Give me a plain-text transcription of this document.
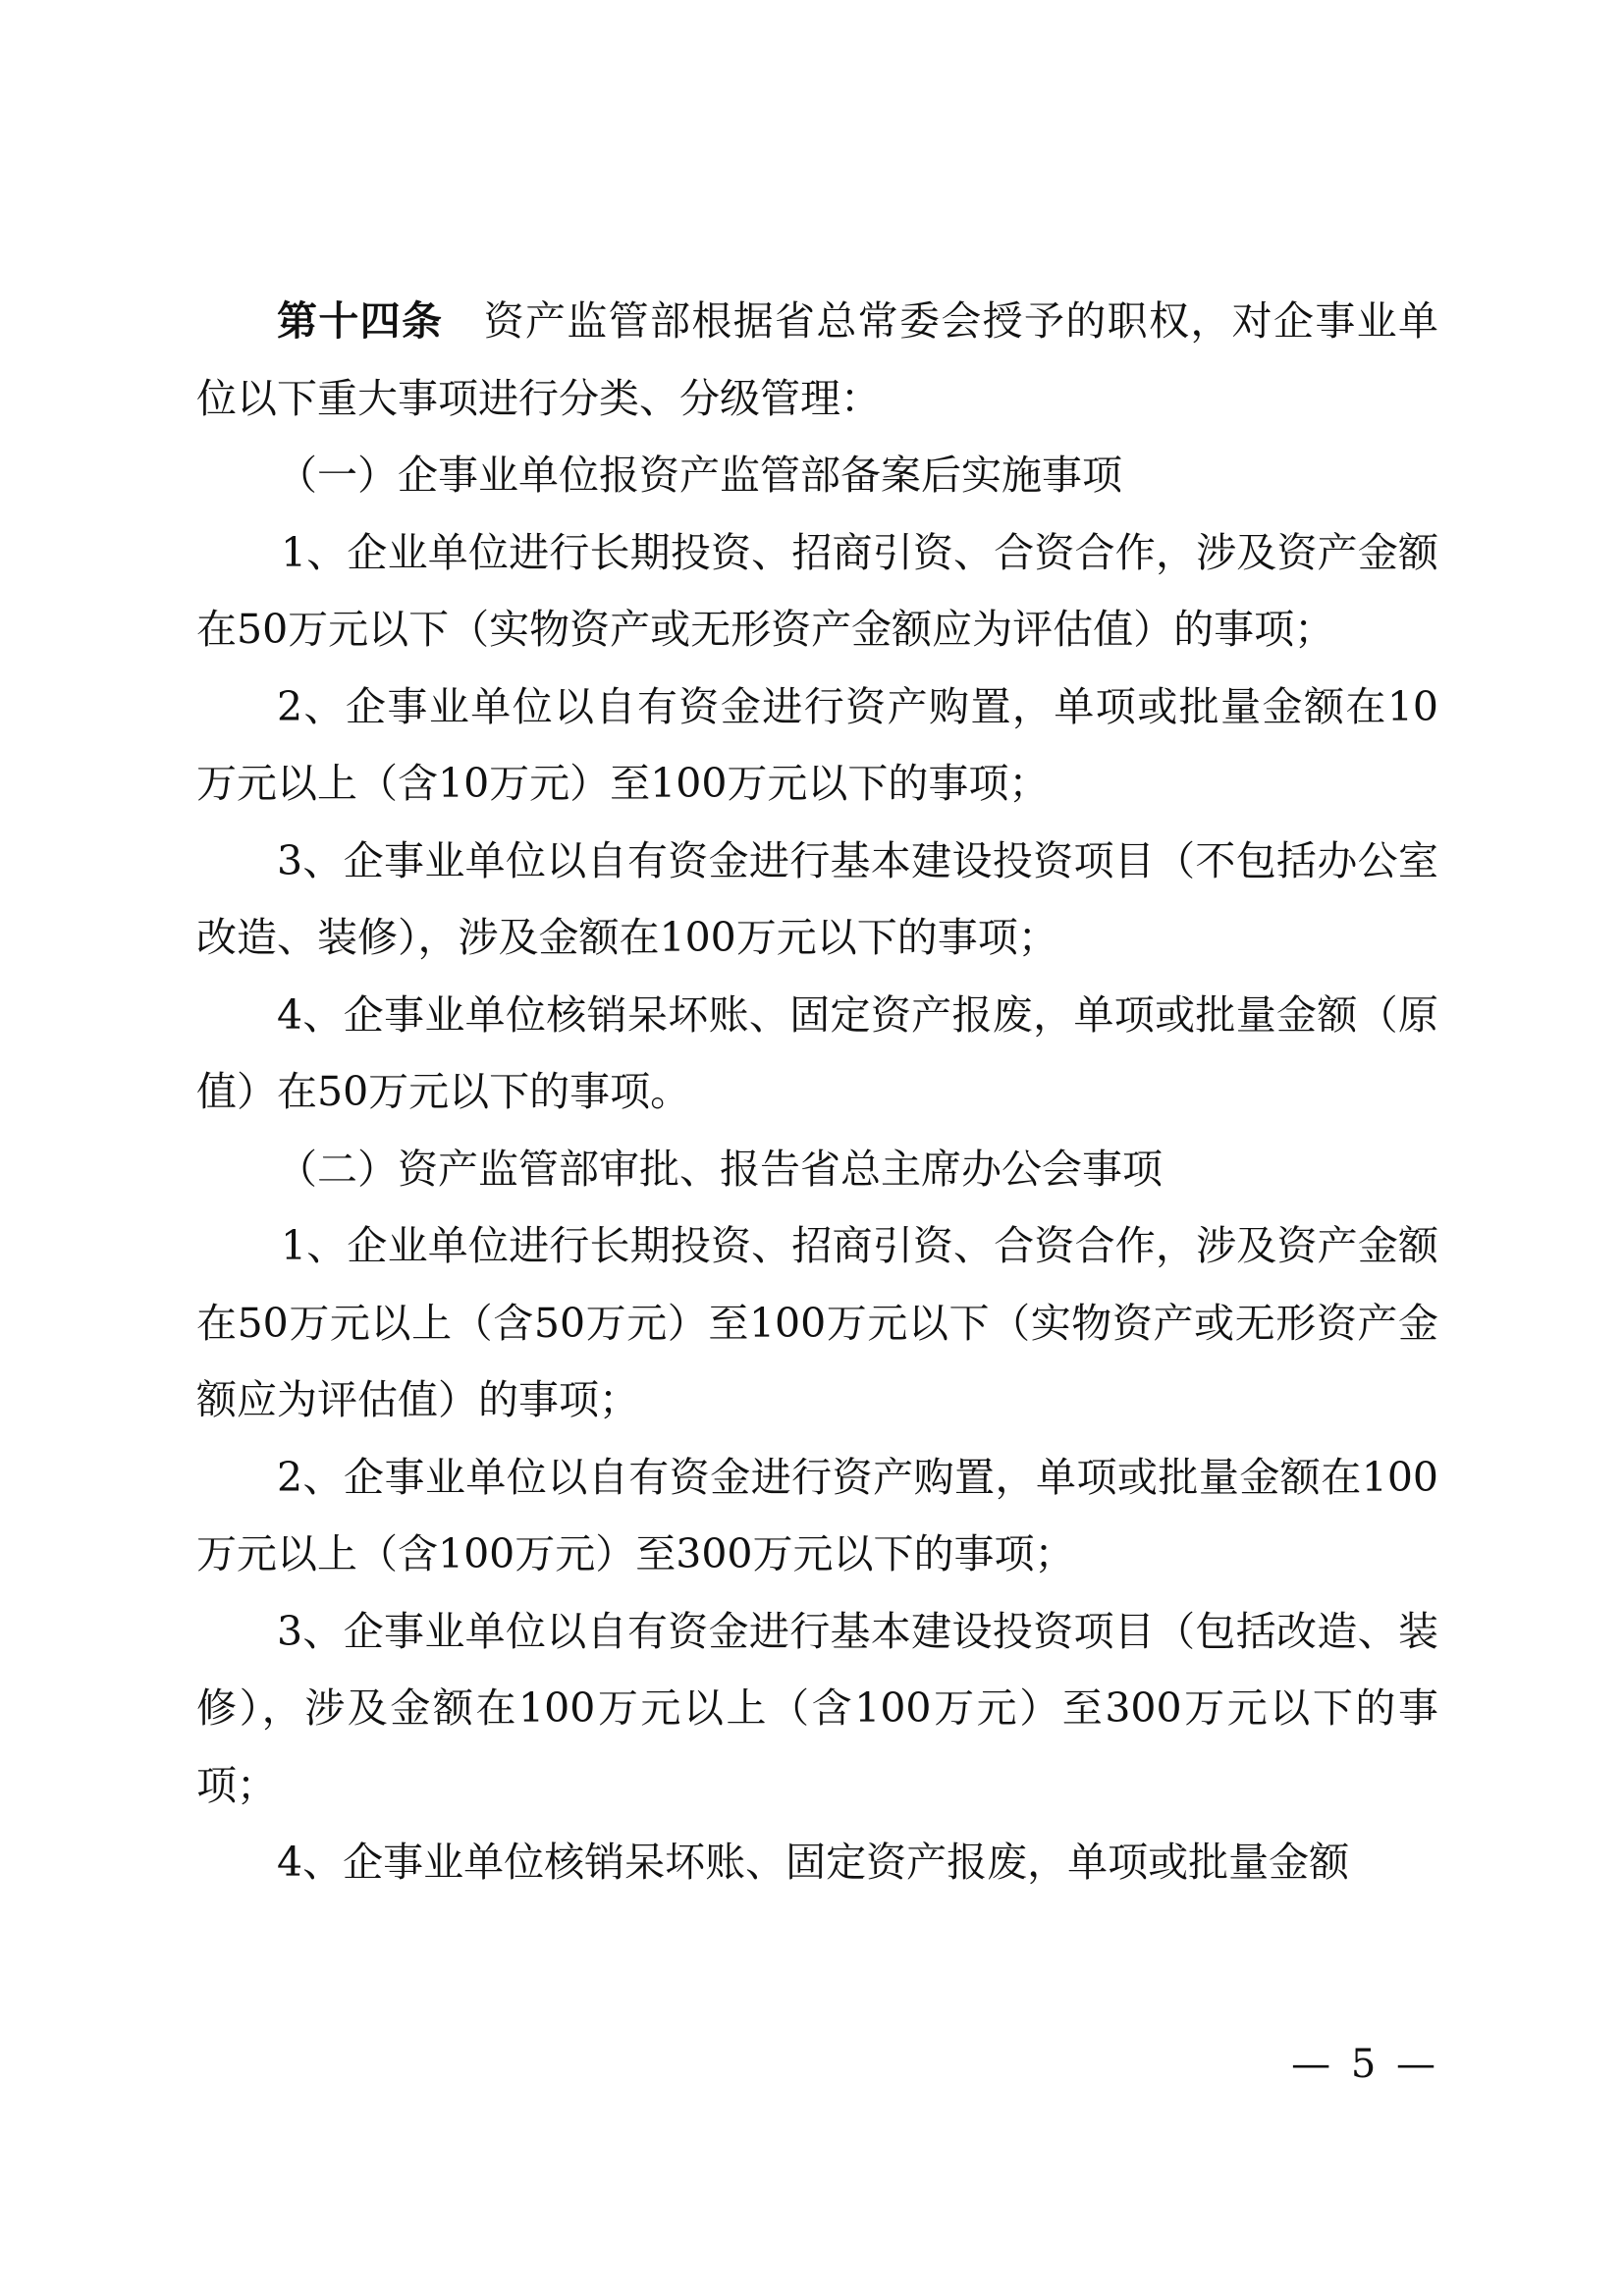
第十四条 资产监管部根据省总常委会授予的职权，对企事业单位以下重大事项进行分类、分级管理：

（一）企事业单位报资产监管部备案后实施事项

1、企业单位进行长期投资、招商引资、合资合作，涉及资产金额在50万元以下（实物资产或无形资产金额应为评估值）的事项；

2、企事业单位以自有资金进行资产购置，单项或批量金额在10万元以上（含10万元）至100万元以下的事项；

3、企事业单位以自有资金进行基本建设投资项目（不包括办公室改造、装修），涉及金额在100万元以下的事项；

4、企事业单位核销呆坏账、固定资产报废，单项或批量金额（原值）在50万元以下的事项。

（二）资产监管部审批、报告省总主席办公会事项

1、企业单位进行长期投资、招商引资、合资合作，涉及资产金额在50万元以上（含50万元）至100万元以下（实物资产或无形资产金额应为评估值）的事项；

2、企事业单位以自有资金进行资产购置，单项或批量金额在100万元以上（含100万元）至300万元以下的事项；

3、企事业单位以自有资金进行基本建设投资项目（包括改造、装修），涉及金额在100万元以上（含100万元）至300万元以下的事项；

4、企事业单位核销呆坏账、固定资产报废，单项或批量金额

— 5 —
